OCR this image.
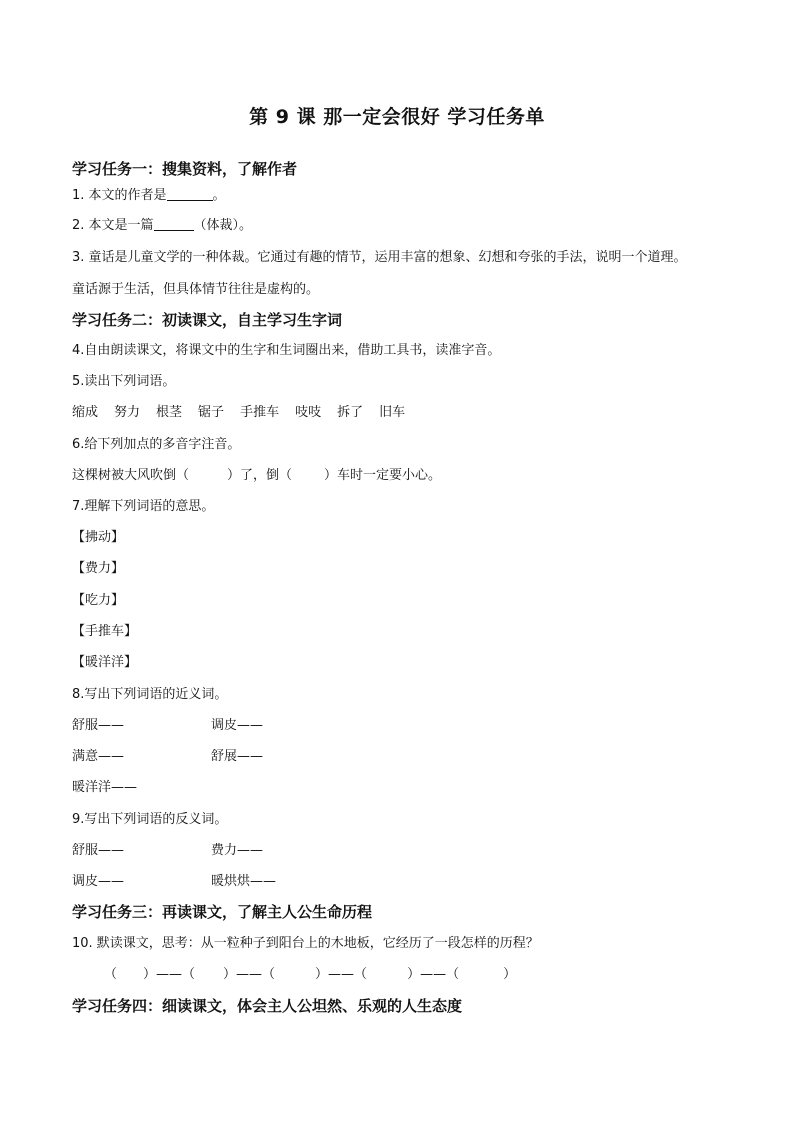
第 9 课 那一定会很好 学习任务单
学习任务一：搜集资料，了解作者
1. 本文的作者是	。
2. 本文是一篇	（体裁）。
3. 童话是儿童文学的一种体裁。它通过有趣的情节，运用丰富的想象、幻想和夸张的手法，说明一个道理。
童话源于生活，但具体情节往往是虚构的。
学习任务二：初读课文，自主学习生字词
4.自由朗读课文，将课文中的生字和生词圈出来，借助工具书，读准字音。
5.读出下列词语。
缩成 努力 根茎 锯子 手推车 吱吱 拆了 旧车
6.给下列加点的多音字注音。
这棵树被大风吹倒（	）了，倒（ ）车时一定要小心。
7.理解下列词语的意思。
【拂动】
【费力】
【吃力】
【手推车】
【暖洋洋】
8.写出下列词语的近义词。
舒服——	调皮——
满意——	舒展——
暖洋洋——
9.写出下列词语的反义词。
舒服——	费力——
调皮——	暖烘烘——
学习任务三：再读课文，了解主人公生命历程
10. 默读课文，思考：从一粒种子到阳台上的木地板，它经历了一段怎样的历程？
（ ）——（ ）——（	）——（	）——（	）
学习任务四：细读课文，体会主人公坦然、乐观的人生态度
